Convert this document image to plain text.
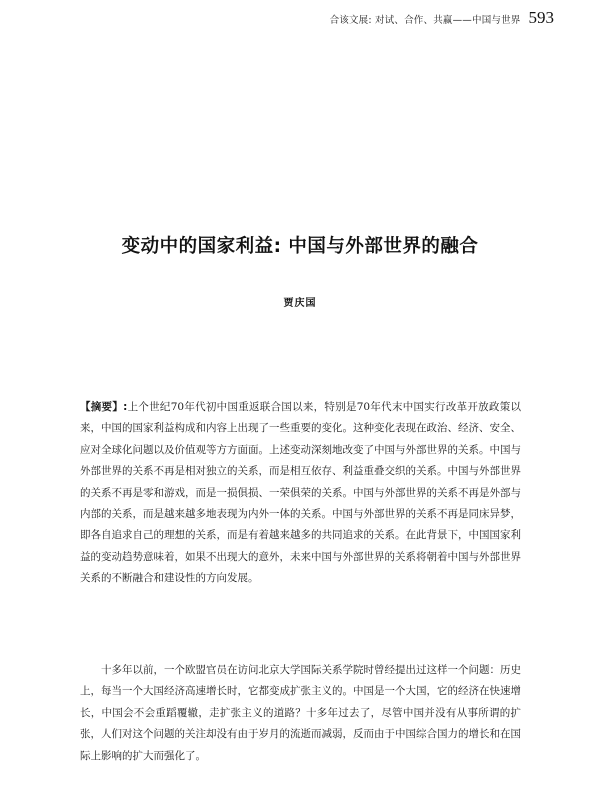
合该文展: 对试、合作、共赢——中国与世界 593
变动中的国家利益: 中国与外部世界的融合
贾庆国

【摘要】:上个世纪70年代初中国重返联合国以来，特别是70年代末中国实行改革开放政策以来，中国的国家利益构成和内容上出现了一些重要的变化。这种变化表现在政治、经济、安全、应对全球化问题以及价值观等方方面面。上述变动深刻地改变了中国与外部世界的关系。中国与外部世界的关系不再是相对独立的关系，而是相互依存、利益重叠交织的关系。中国与外部世界的关系不再是零和游戏，而是一损俱损、一荣俱荣的关系。中国与外部世界的关系不再是外部与内部的关系，而是越来越多地表现为内外一体的关系。中国与外部世界的关系不再是同床异梦，即各自追求自己的理想的关系，而是有着越来越多的共同追求的关系。在此背景下，中国国家利益的变动趋势意味着，如果不出现大的意外，未来中国与外部世界的关系将朝着中国与外部世界关系的不断融合和建设性的方向发展。

十多年以前，一个欧盟官员在访问北京大学国际关系学院时曾经提出过这样一个问题：历史上，每当一个大国经济高速增长时，它都变成扩张主义的。中国是一个大国，它的经济在快速增长，中国会不会重蹈覆辙，走扩张主义的道路？十多年过去了，尽管中国并没有从事所谓的扩张，人们对这个问题的关注却没有由于岁月的流逝而减弱，反而由于中国综合国力的增长和在国际上影响的扩大而强化了。
